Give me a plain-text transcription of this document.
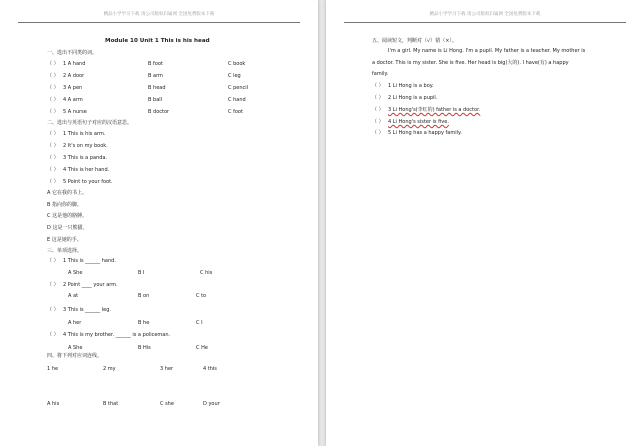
精品小学学习下载 请公司版权归属网 全国免费版本下载
Module 10 Unit 1 This is his head
一、选出不同类的词。
（ ） 1 A hand	B foot	C book
（ ） 2 A door	B arm	C leg
（ ） 3 A pen	B head	C pencil
（ ） 4 A arm	B ball	C hand
（ ） 5 A nurse	B doctor	C foot
二、选出与英语句子对应的汉语意思。
（ ） 1 This is his arm.
（ ） 2 It's on my book.
（ ） 3 This is a panda.
（ ） 4 This is her hand.
（ ） 5 Point to your foot.
A 它在我的书上。
B 指向你的脚。
C 这是他的胳膊。
D 这是一只熊猫。
E 这是她的手。
三、单项选择。
（ ） 1 This is ______ hand.
A She	B I	C his
（ ） 2 Point ____ your arm.
A at	B on	C to
（ ） 3 This is ______ leg.
A her	B he	C I
（ ） 4 This is my brother. ______ is a policeman.
A She	B His	C He
四、将下列对应词连线。
1 he	2 my	3 her	4 this
A his	B that	C she	D your
精品小学学习下载 请公司版权归属网 全国免费版本下载
五、阅读短文，判断对（√）错（×）。
I'm a girl. My name is Li Hong. I'm a pupil. My father is a teacher. My mother is
a doctor. This is my sister. She is five. Her head is big(大的). I have(有) a happy
family.
（ ） 1 Li Hong is a boy.
（ ） 2 Li Hong is a pupil.
（ ） 3 Li Hong's(李红的) father is a doctor.
（ ） 4 Li Hong's sister is five.
（ ） 5 Li Hong has a happy family.
